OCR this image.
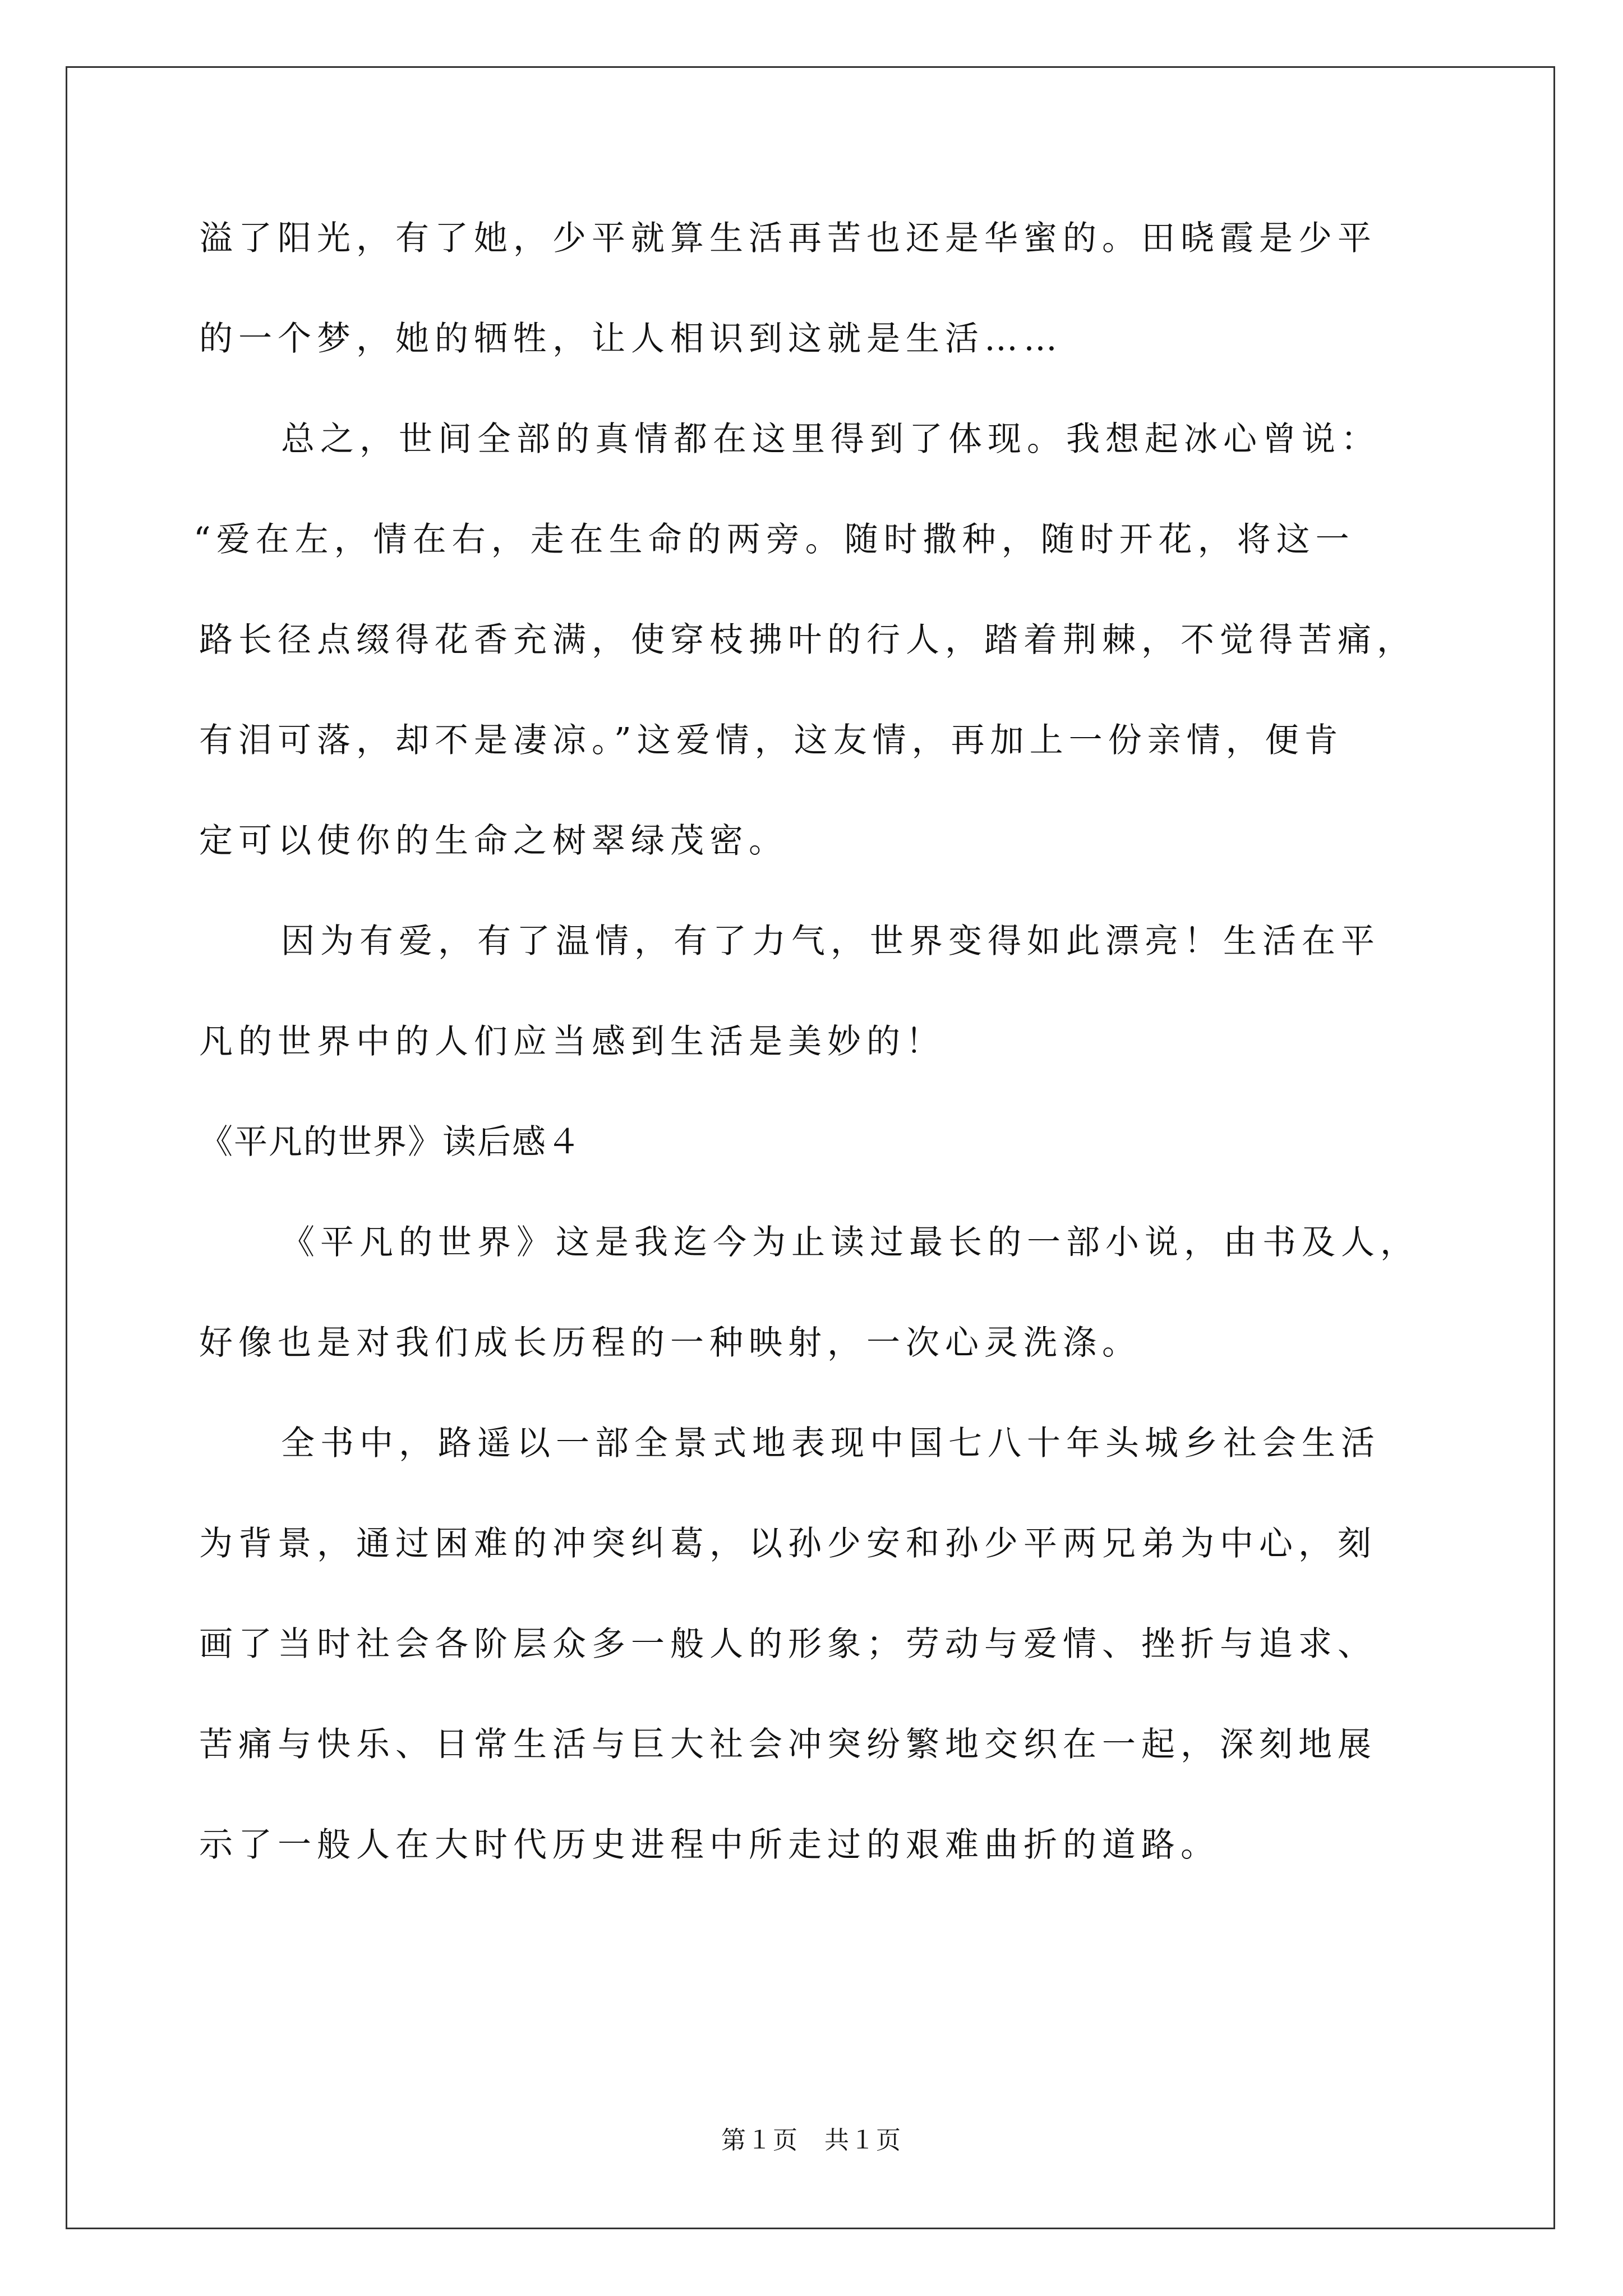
溢了阳光，有了她，少平就算生活再苦也还是华蜜的。田晓霞是少平
的一个梦，她的牺牲，让人相识到这就是生活……
总之，世间全部的真情都在这里得到了体现。我想起冰心曾说：
“爱在左，情在右，走在生命的两旁。随时撒种，随时开花，将这一
路长径点缀得花香充满，使穿枝拂叶的行人，踏着荆棘，不觉得苦痛，
有泪可落，却不是凄凉。”这爱情，这友情，再加上一份亲情，便肯
定可以使你的生命之树翠绿茂密。
因为有爱，有了温情，有了力气，世界变得如此漂亮！生活在平
凡的世界中的人们应当感到生活是美妙的！
《平凡的世界》读后感４
《平凡的世界》这是我迄今为止读过最长的一部小说，由书及人，
好像也是对我们成长历程的一种映射，一次心灵洗涤。
全书中，路遥以一部全景式地表现中国七八十年头城乡社会生活
为背景，通过困难的冲突纠葛，以孙少安和孙少平两兄弟为中心，刻
画了当时社会各阶层众多一般人的形象；劳动与爱情、挫折与追求、
苦痛与快乐、日常生活与巨大社会冲突纷繁地交织在一起，深刻地展
示了一般人在大时代历史进程中所走过的艰难曲折的道路。
第１页　共１页
